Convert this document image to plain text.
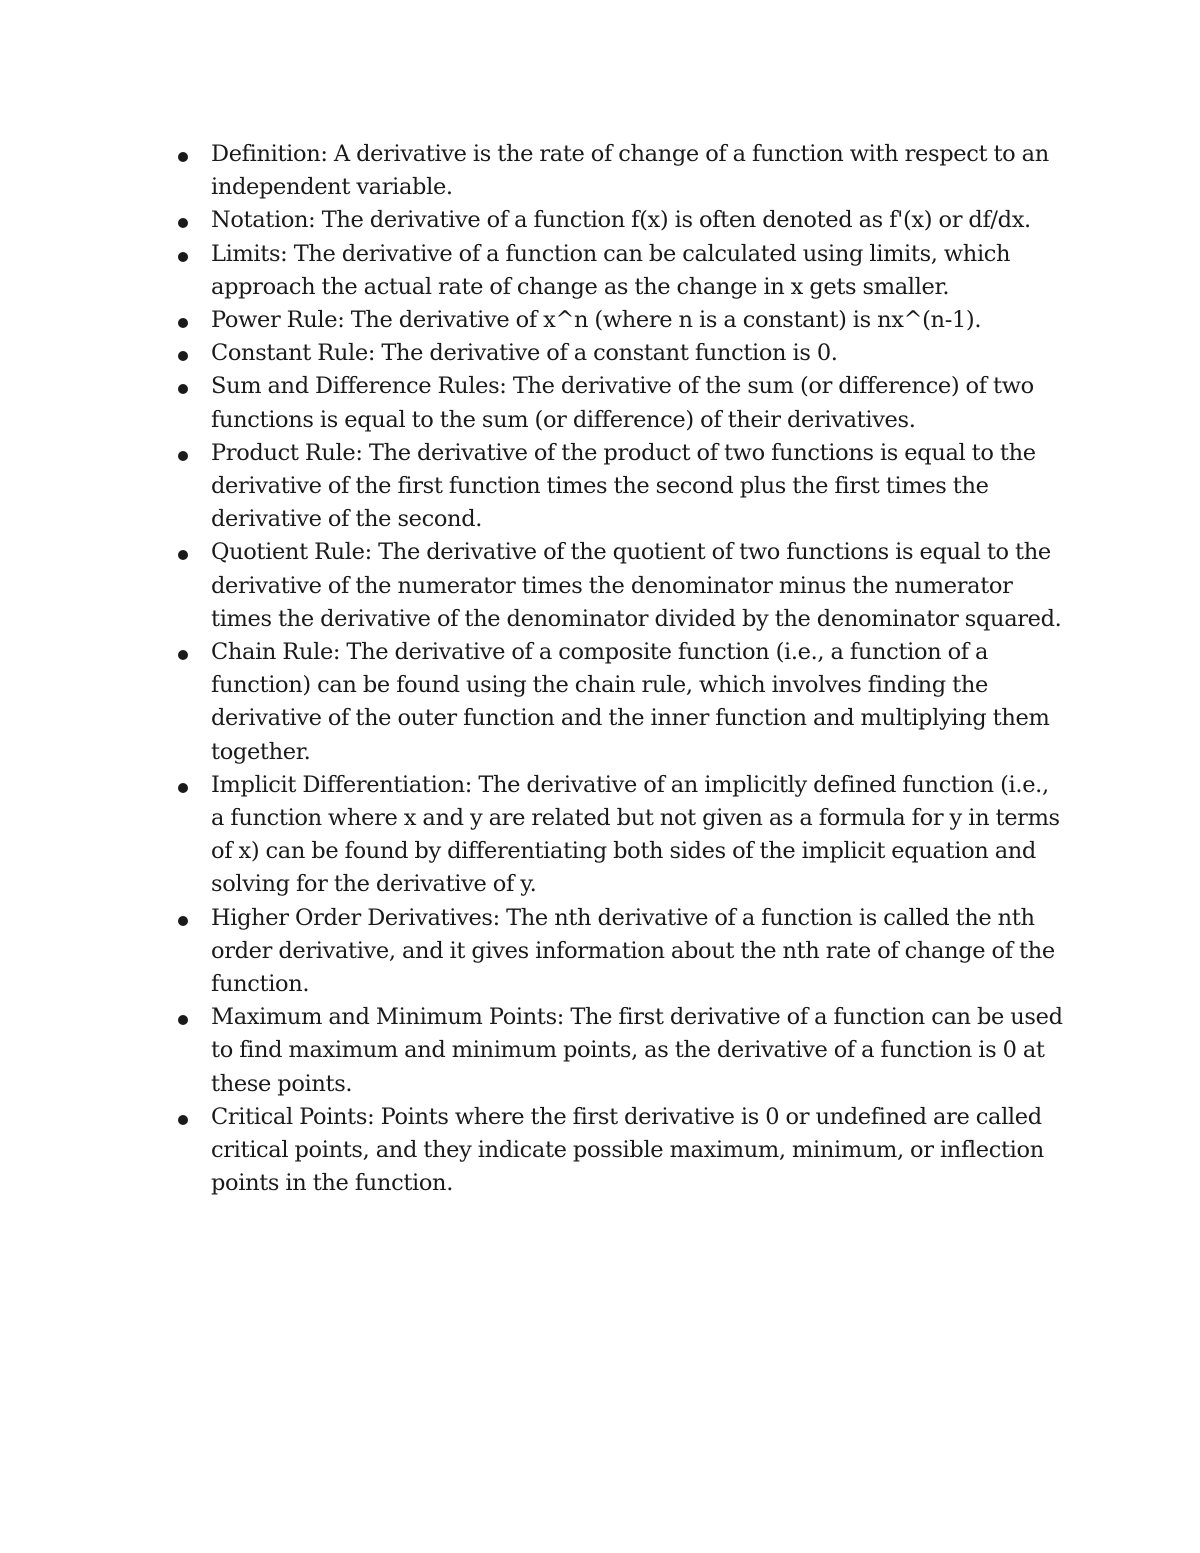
Definition: A derivative is the rate of change of a function with respect to an independent variable.
Notation: The derivative of a function f(x) is often denoted as f'(x) or df/dx.
Limits: The derivative of a function can be calculated using limits, which approach the actual rate of change as the change in x gets smaller.
Power Rule: The derivative of x^n (where n is a constant) is nx^(n-1).
Constant Rule: The derivative of a constant function is 0.
Sum and Difference Rules: The derivative of the sum (or difference) of two functions is equal to the sum (or difference) of their derivatives.
Product Rule: The derivative of the product of two functions is equal to the derivative of the first function times the second plus the first times the derivative of the second.
Quotient Rule: The derivative of the quotient of two functions is equal to the derivative of the numerator times the denominator minus the numerator times the derivative of the denominator divided by the denominator squared.
Chain Rule: The derivative of a composite function (i.e., a function of a function) can be found using the chain rule, which involves finding the derivative of the outer function and the inner function and multiplying them together.
Implicit Differentiation: The derivative of an implicitly defined function (i.e., a function where x and y are related but not given as a formula for y in terms of x) can be found by differentiating both sides of the implicit equation and solving for the derivative of y.
Higher Order Derivatives: The nth derivative of a function is called the nth order derivative, and it gives information about the nth rate of change of the function.
Maximum and Minimum Points: The first derivative of a function can be used to find maximum and minimum points, as the derivative of a function is 0 at these points.
Critical Points: Points where the first derivative is 0 or undefined are called critical points, and they indicate possible maximum, minimum, or inflection points in the function.
